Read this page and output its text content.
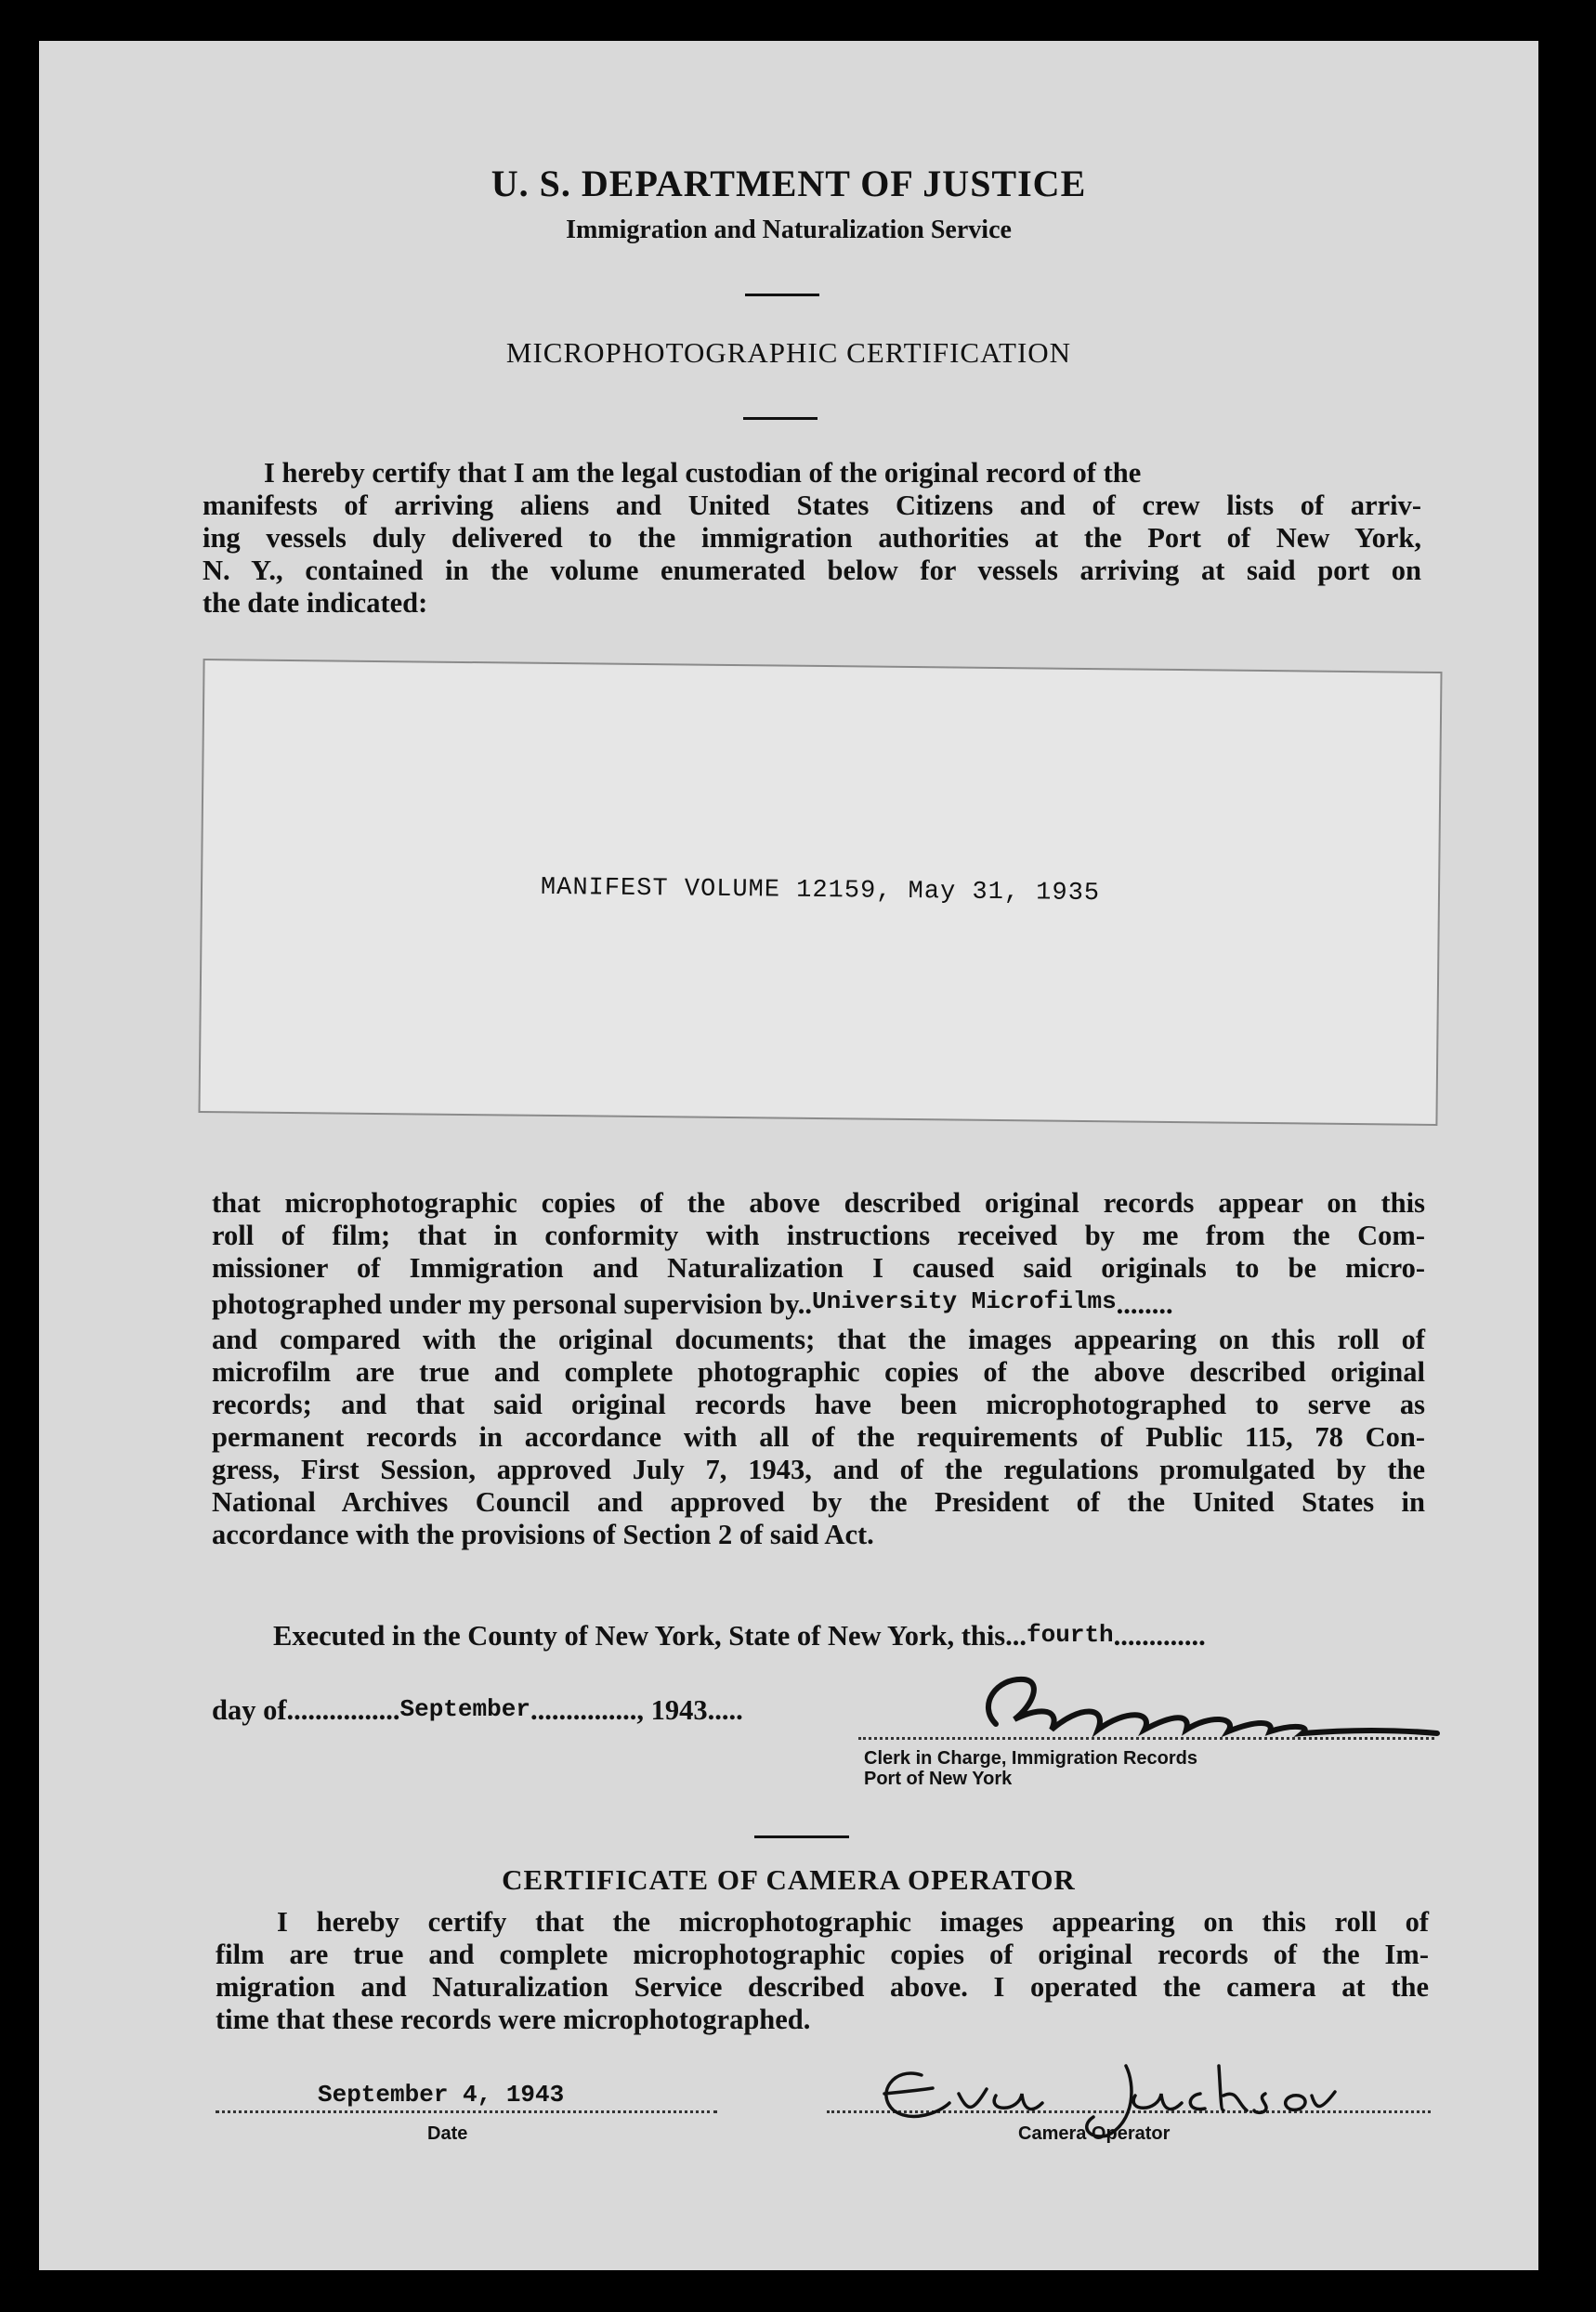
U. S. DEPARTMENT OF JUSTICE
Immigration and Naturalization Service
MICROPHOTOGRAPHIC CERTIFICATION

I hereby certify that I am the legal custodian of the original record of the

manifests of arriving aliens and United States Citizens and of crew lists of arriv-

ing vessels duly delivered to the immigration authorities at the Port of New York,

N. Y., contained in the volume enumerated below for vessels arriving at said port on

the date indicated:

MANIFEST VOLUME 12159, May 31, 1935

that microphotographic copies of the above described original records appear on this

roll of film; that in conformity with instructions received by me from the Com-

missioner of Immigration and Naturalization I caused said originals to be micro-

photographed under my personal supervision by..University Microfilms........

and compared with the original documents; that the images appearing on this roll of

microfilm are true and complete photographic copies of the above described original

records; and that said original records have been microphotographed to serve as

permanent records in accordance with all of the requirements of Public 115, 78 Con-

gress, First Session, approved July 7, 1943, and of the regulations promulgated by the

National Archives Council and approved by the President of the United States in

accordance with the provisions of Section 2 of said Act.

Executed in the County of New York, State of New York, this...fourth.............
day of................September..............., 1943.....
Clerk in Charge, Immigration Records
Port of New York
CERTIFICATE OF CAMERA OPERATOR

I hereby certify that the microphotographic images appearing on this roll of

film are true and complete microphotographic copies of original records of the Im-

migration and Naturalization Service described above. I operated the camera at the

time that these records were microphotographed.

September 4, 1943
Date	Camera Operator
